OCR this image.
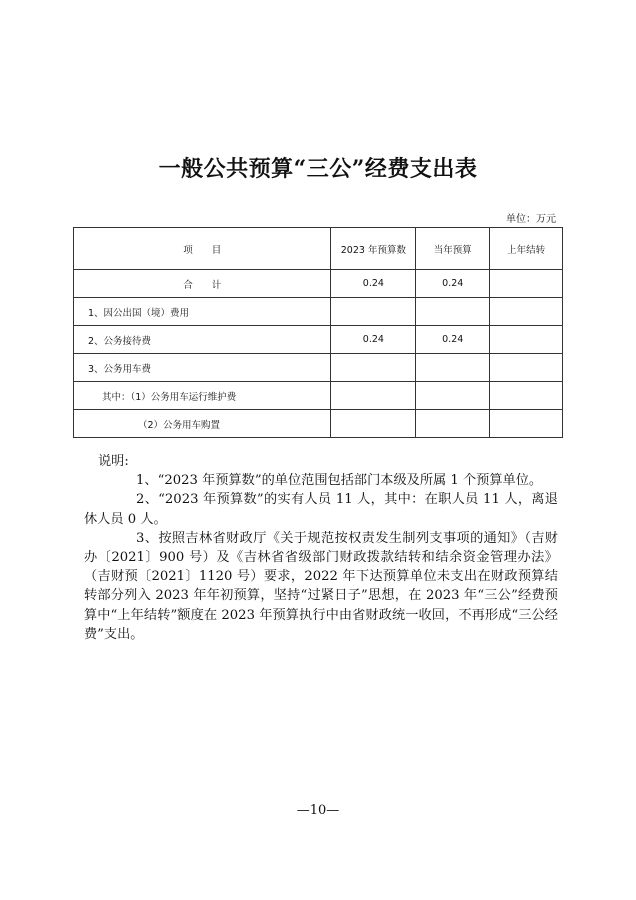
一般公共预算“三公”经费支出表
单位：万元
项　　目	2023 年预算数	当年预算	上年结转
合　　计	0.24	0.24	
1、因公出国（境）费用			
2、公务接待费	0.24	0.24	
3、公务用车费			
其中：（1）公务用车运行维护费			
（2）公务用车购置			

说明:

1、“2023 年预算数”的单位范围包括部门本级及所属 1 个预算单位。

2、“2023 年预算数”的实有人员 11 人，其中：在职人员 11 人，离退休人员 0 人。

3、按照吉林省财政厅《关于规范按权责发生制列支事项的通知》（吉财办〔2021〕900 号）及《吉林省省级部门财政拨款结转和结余资金管理办法》（吉财预〔2021〕1120 号）要求，2022 年下达预算单位未支出在财政预算结转部分列入 2023 年年初预算，坚持“过紧日子”思想，在 2023 年“三公”经费预算中“上年结转”额度在 2023 年预算执行中由省财政统一收回，不再形成“三公经费”支出。

—10—
